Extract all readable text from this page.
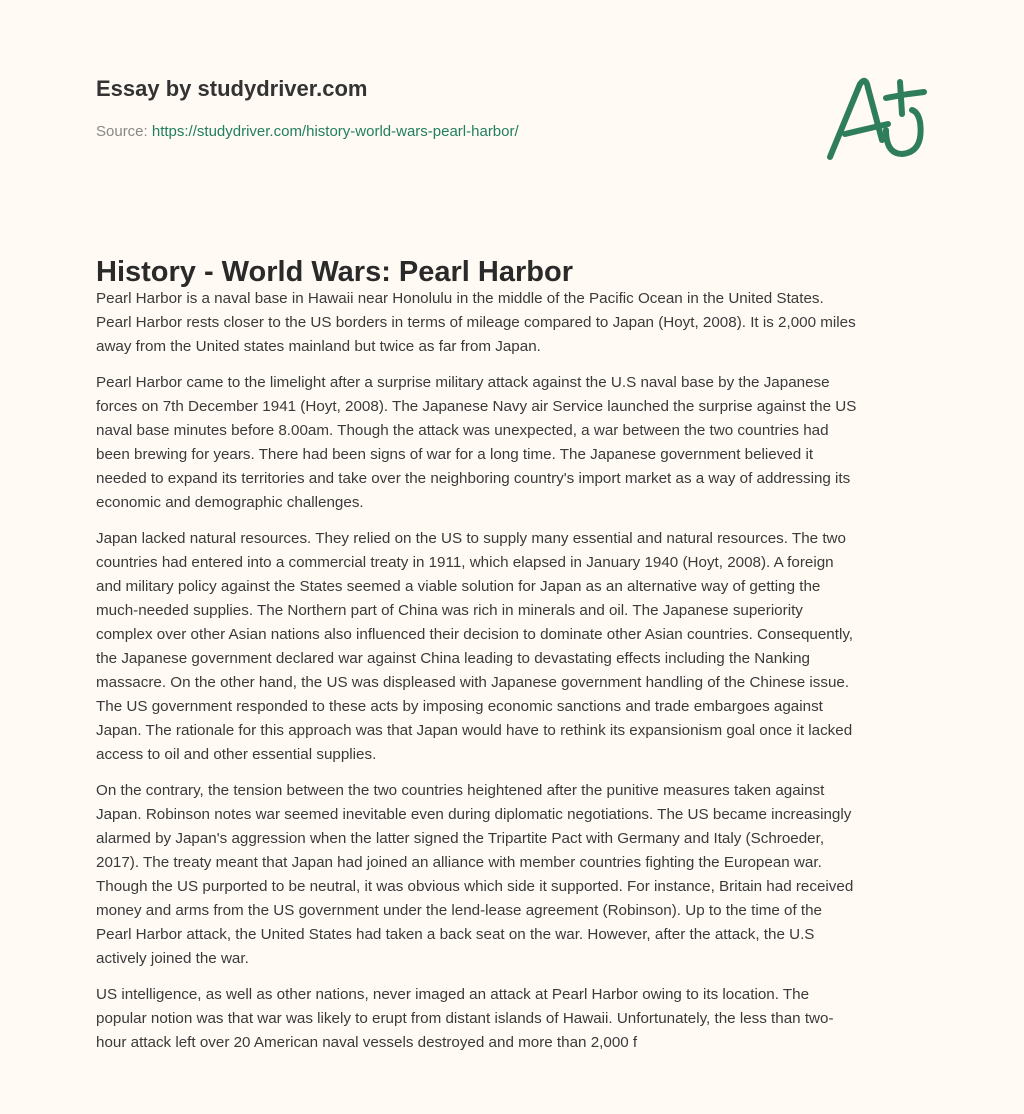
Essay by studydriver.com
Source: https://studydriver.com/history-world-wars-pearl-harbor/
History - World Wars: Pearl Harbor
Pearl Harbor is a naval base in Hawaii near Honolulu in the middle of the Pacific Ocean in the United States.
Pearl Harbor rests closer to the US borders in terms of mileage compared to Japan (Hoyt, 2008). It is 2,000 miles
away from the United states mainland but twice as far from Japan.
Pearl Harbor came to the limelight after a surprise military attack against the U.S naval base by the Japanese
forces on 7th December 1941 (Hoyt, 2008). The Japanese Navy air Service launched the surprise against the US
naval base minutes before 8.00am. Though the attack was unexpected, a war between the two countries had
been brewing for years. There had been signs of war for a long time. The Japanese government believed it
needed to expand its territories and take over the neighboring country's import market as a way of addressing its
economic and demographic challenges.
Japan lacked natural resources. They relied on the US to supply many essential and natural resources. The two
countries had entered into a commercial treaty in 1911, which elapsed in January 1940 (Hoyt, 2008). A foreign
and military policy against the States seemed a viable solution for Japan as an alternative way of getting the
much-needed supplies. The Northern part of China was rich in minerals and oil. The Japanese superiority
complex over other Asian nations also influenced their decision to dominate other Asian countries. Consequently,
the Japanese government declared war against China leading to devastating effects including the Nanking
massacre. On the other hand, the US was displeased with Japanese government handling of the Chinese issue.
The US government responded to these acts by imposing economic sanctions and trade embargoes against
Japan. The rationale for this approach was that Japan would have to rethink its expansionism goal once it lacked
access to oil and other essential supplies.
On the contrary, the tension between the two countries heightened after the punitive measures taken against
Japan. Robinson notes war seemed inevitable even during diplomatic negotiations. The US became increasingly
alarmed by Japan's aggression when the latter signed the Tripartite Pact with Germany and Italy (Schroeder,
2017). The treaty meant that Japan had joined an alliance with member countries fighting the European war.
Though the US purported to be neutral, it was obvious which side it supported. For instance, Britain had received
money and arms from the US government under the lend-lease agreement (Robinson). Up to the time of the
Pearl Harbor attack, the United States had taken a back seat on the war. However, after the attack, the U.S
actively joined the war.
US intelligence, as well as other nations, never imaged an attack at Pearl Harbor owing to its location. The
popular notion was that war was likely to erupt from distant islands of Hawaii. Unfortunately, the less than two-
hour attack left over 20 American naval vessels destroyed and more than 2,000 f
